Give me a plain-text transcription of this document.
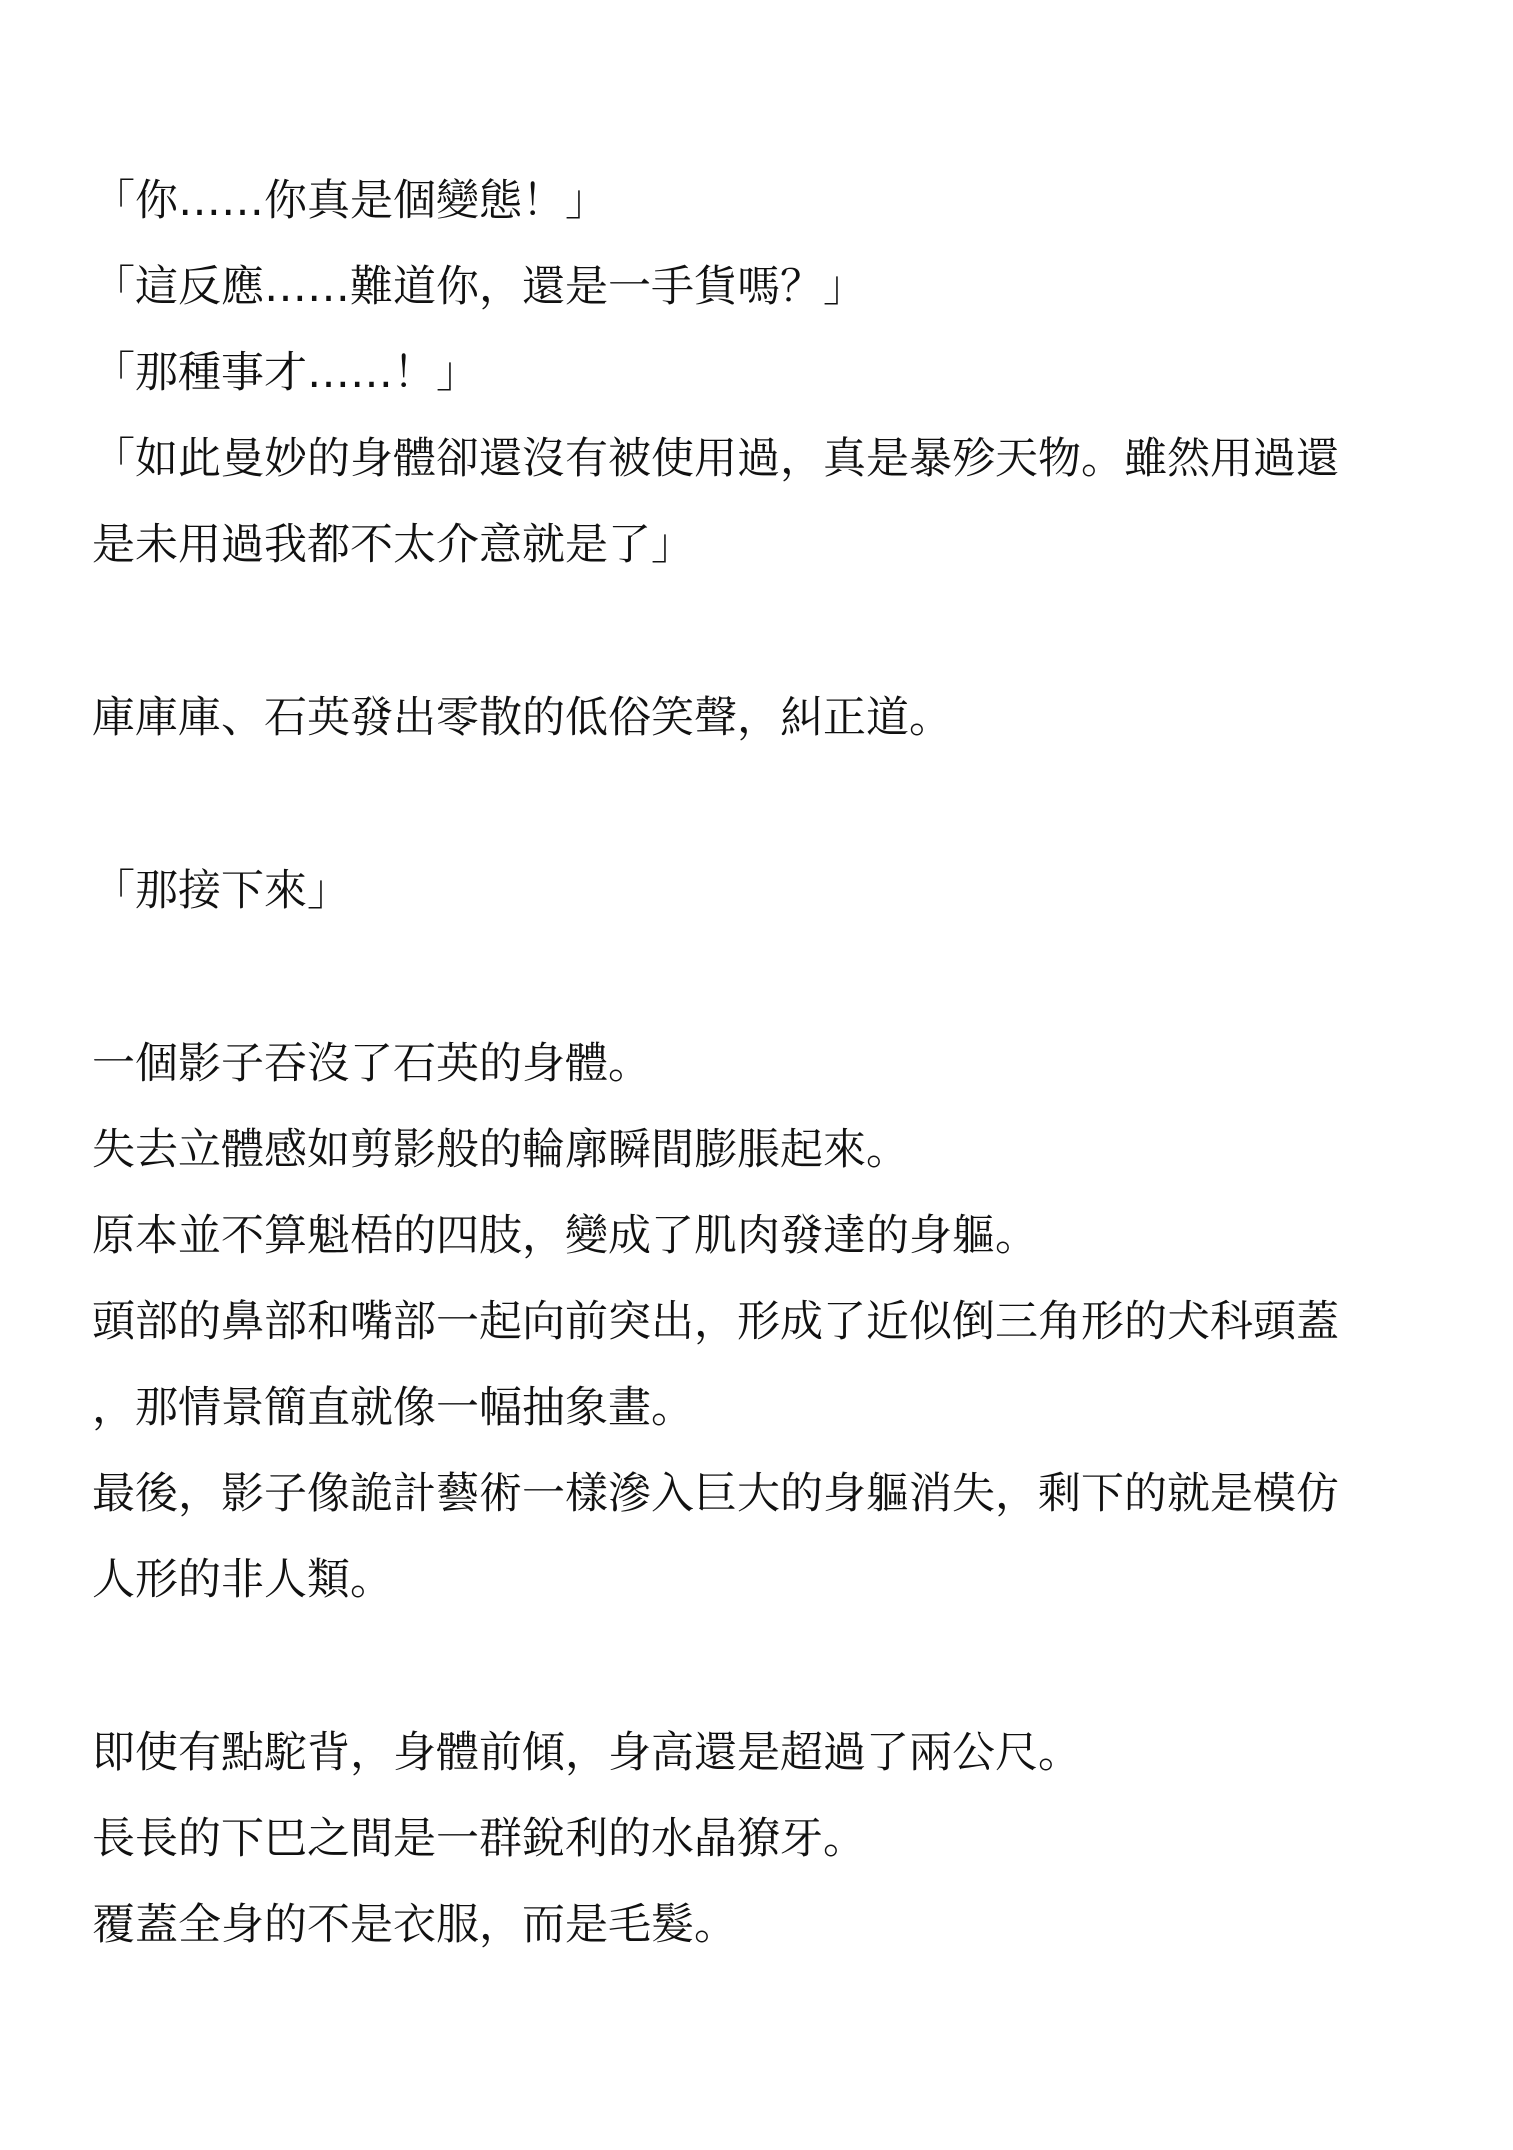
「你……你真是個變態！」
「這反應……難道你，還是一手貨嗎？」
「那種事才……！」
「如此曼妙的身體卻還沒有被使用過，真是暴殄天物。雖然用過還
是未用過我都不太介意就是了」
庫庫庫、石英發出零散的低俗笑聲，糾正道。
「那接下來」
一個影子吞沒了石英的身體。
失去立體感如剪影般的輪廓瞬間膨脹起來。
原本並不算魁梧的四肢，變成了肌肉發達的身軀。
頭部的鼻部和嘴部一起向前突出，形成了近似倒三角形的犬科頭蓋
，那情景簡直就像一幅抽象畫。
最後，影子像詭計藝術一樣滲入巨大的身軀消失，剩下的就是模仿
人形的非人類。
即使有點駝背，身體前傾，身高還是超過了兩公尺。
長長的下巴之間是一群銳利的水晶獠牙。
覆蓋全身的不是衣服，而是毛髮。
